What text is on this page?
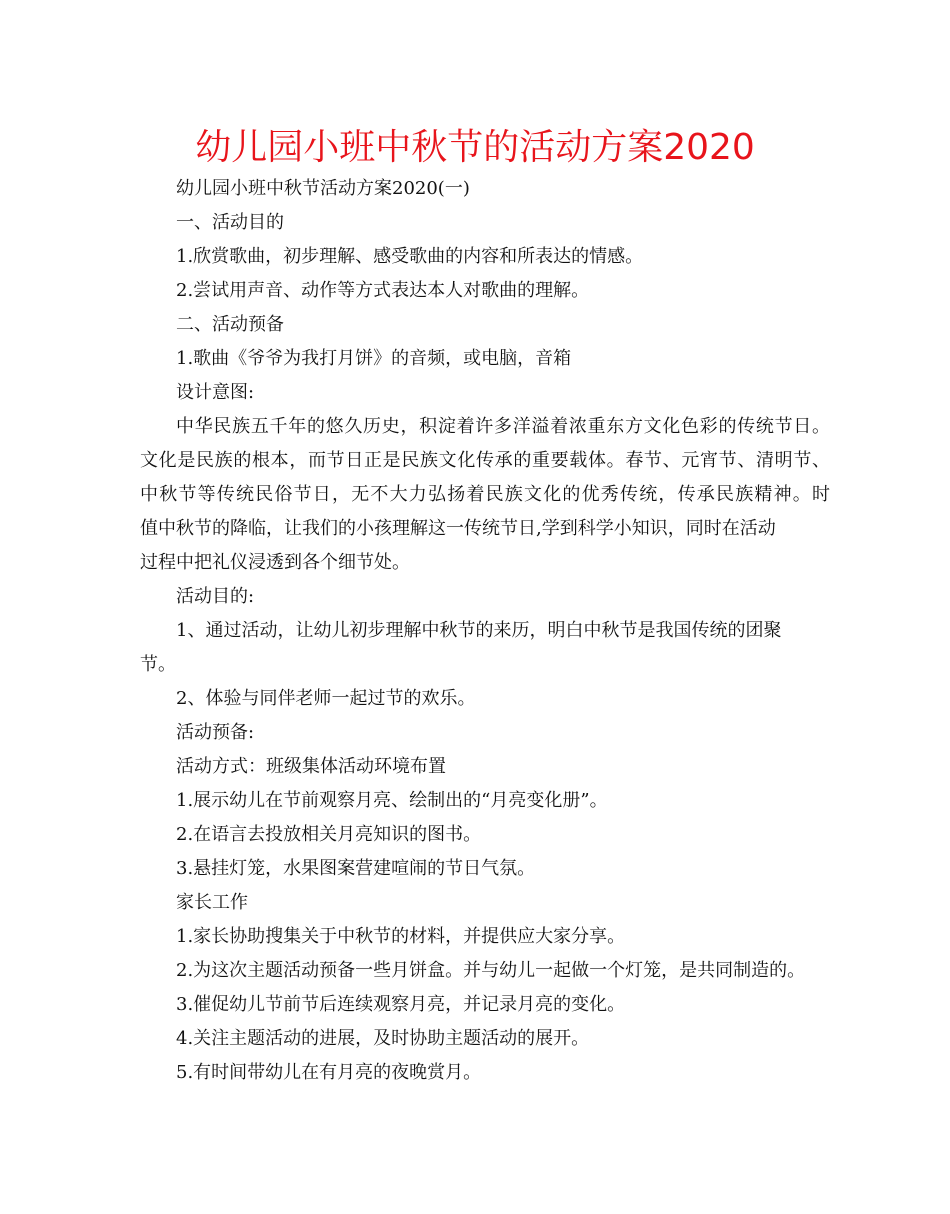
幼儿园小班中秋节的活动方案2020

幼儿园小班中秋节活动方案2020(一)

一、活动目的

1.欣赏歌曲，初步理解、感受歌曲的内容和所表达的情感。

2.尝试用声音、动作等方式表达本人对歌曲的理解。

二、活动预备

1.歌曲《爷爷为我打月饼》的音频，或电脑，音箱

设计意图:

中华民族五千年的悠久历史，积淀着许多洋溢着浓重东方文化色彩的传统节日。

文化是民族的根本，而节日正是民族文化传承的重要载体。春节、元宵节、清明节、

中秋节等传统民俗节日，无不大力弘扬着民族文化的优秀传统，传承民族精神。时

值中秋节的降临，让我们的小孩理解这一传统节日,学到科学小知识，同时在活动

过程中把礼仪浸透到各个细节处。

活动目的:

1、通过活动，让幼儿初步理解中秋节的来历，明白中秋节是我国传统的团聚

节。

2、体验与同伴老师一起过节的欢乐。

活动预备:

活动方式：班级集体活动环境布置

1.展示幼儿在节前观察月亮、绘制出的“月亮变化册”。

2.在语言去投放相关月亮知识的图书。

3.悬挂灯笼，水果图案营建喧闹的节日气氛。

家长工作

1.家长协助搜集关于中秋节的材料，并提供应大家分享。

2.为这次主题活动预备一些月饼盒。并与幼儿一起做一个灯笼，是共同制造的。

3.催促幼儿节前节后连续观察月亮，并记录月亮的变化。

4.关注主题活动的进展，及时协助主题活动的展开。

5.有时间带幼儿在有月亮的夜晚赏月。
